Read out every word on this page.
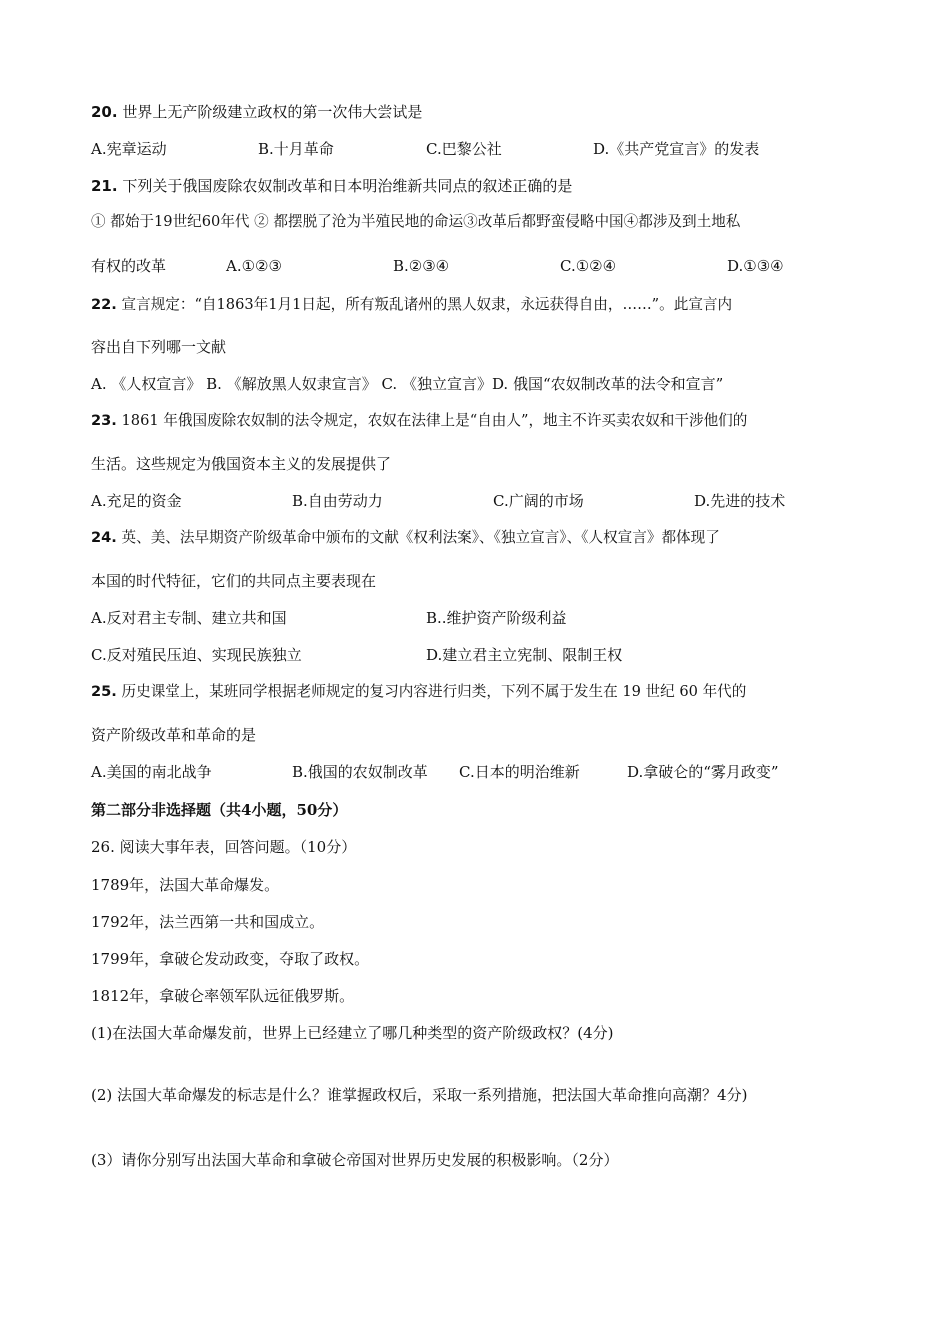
20. 世界上无产阶级建立政权的第一次伟大尝试是
A.宪章运动	B.十月革命	C.巴黎公社	D.《共产党宣言》的发表
21. 下列关于俄国废除农奴制改革和日本明治维新共同点的叙述正确的是
① 都始于19世纪60年代 ② 都摆脱了沧为半殖民地的命运③改革后都野蛮侵略中国④都涉及到土地私
有权的改革	A.①②③	B.②③④	C.①②④	D.①③④
22. 宣言规定：“自1863年1月1日起，所有叛乱诸州的黑人奴隶，永远获得自由，……”。此宣言内
容出自下列哪一文献
A. 《人权宣言》 B. 《解放黑人奴隶宣言》 C. 《独立宣言》D. 俄国“农奴制改革的法令和宣言”
23. 1861 年俄国废除农奴制的法令规定，农奴在法律上是“自由人”，地主不许买卖农奴和干涉他们的
生活。这些规定为俄国资本主义的发展提供了
A.充足的资金	B.自由劳动力	C.广阔的市场	D.先进的技术
24. 英、美、法早期资产阶级革命中颁布的文献《权利法案》、《独立宣言》、《人权宣言》都体现了
本国的时代特征，它们的共同点主要表现在
A.反对君主专制、建立共和国	B..维护资产阶级利益
C.反对殖民压迫、实现民族独立	D.建立君主立宪制、限制王权
25. 历史课堂上，某班同学根据老师规定的复习内容进行归类，下列不属于发生在 19 世纪 60 年代的
资产阶级改革和革命的是
A.美国的南北战争	B.俄国的农奴制改革 C.日本的明治维新	D.拿破仑的“雾月政变”
第二部分非选择题（共4小题，50分）
26. 阅读大事年表，回答问题。（10分）
1789年，法国大革命爆发。
1792年，法兰西第一共和国成立。
1799年，拿破仑发动政变，夺取了政权。
1812年，拿破仑率领军队远征俄罗斯。
(1)在法国大革命爆发前，世界上已经建立了哪几种类型的资产阶级政权？(4分)
(2) 法国大革命爆发的标志是什么？谁掌握政权后，采取一系列措施，把法国大革命推向高潮？4分)
(3）请你分别写出法国大革命和拿破仑帝国对世界历史发展的积极影响。（2分）
